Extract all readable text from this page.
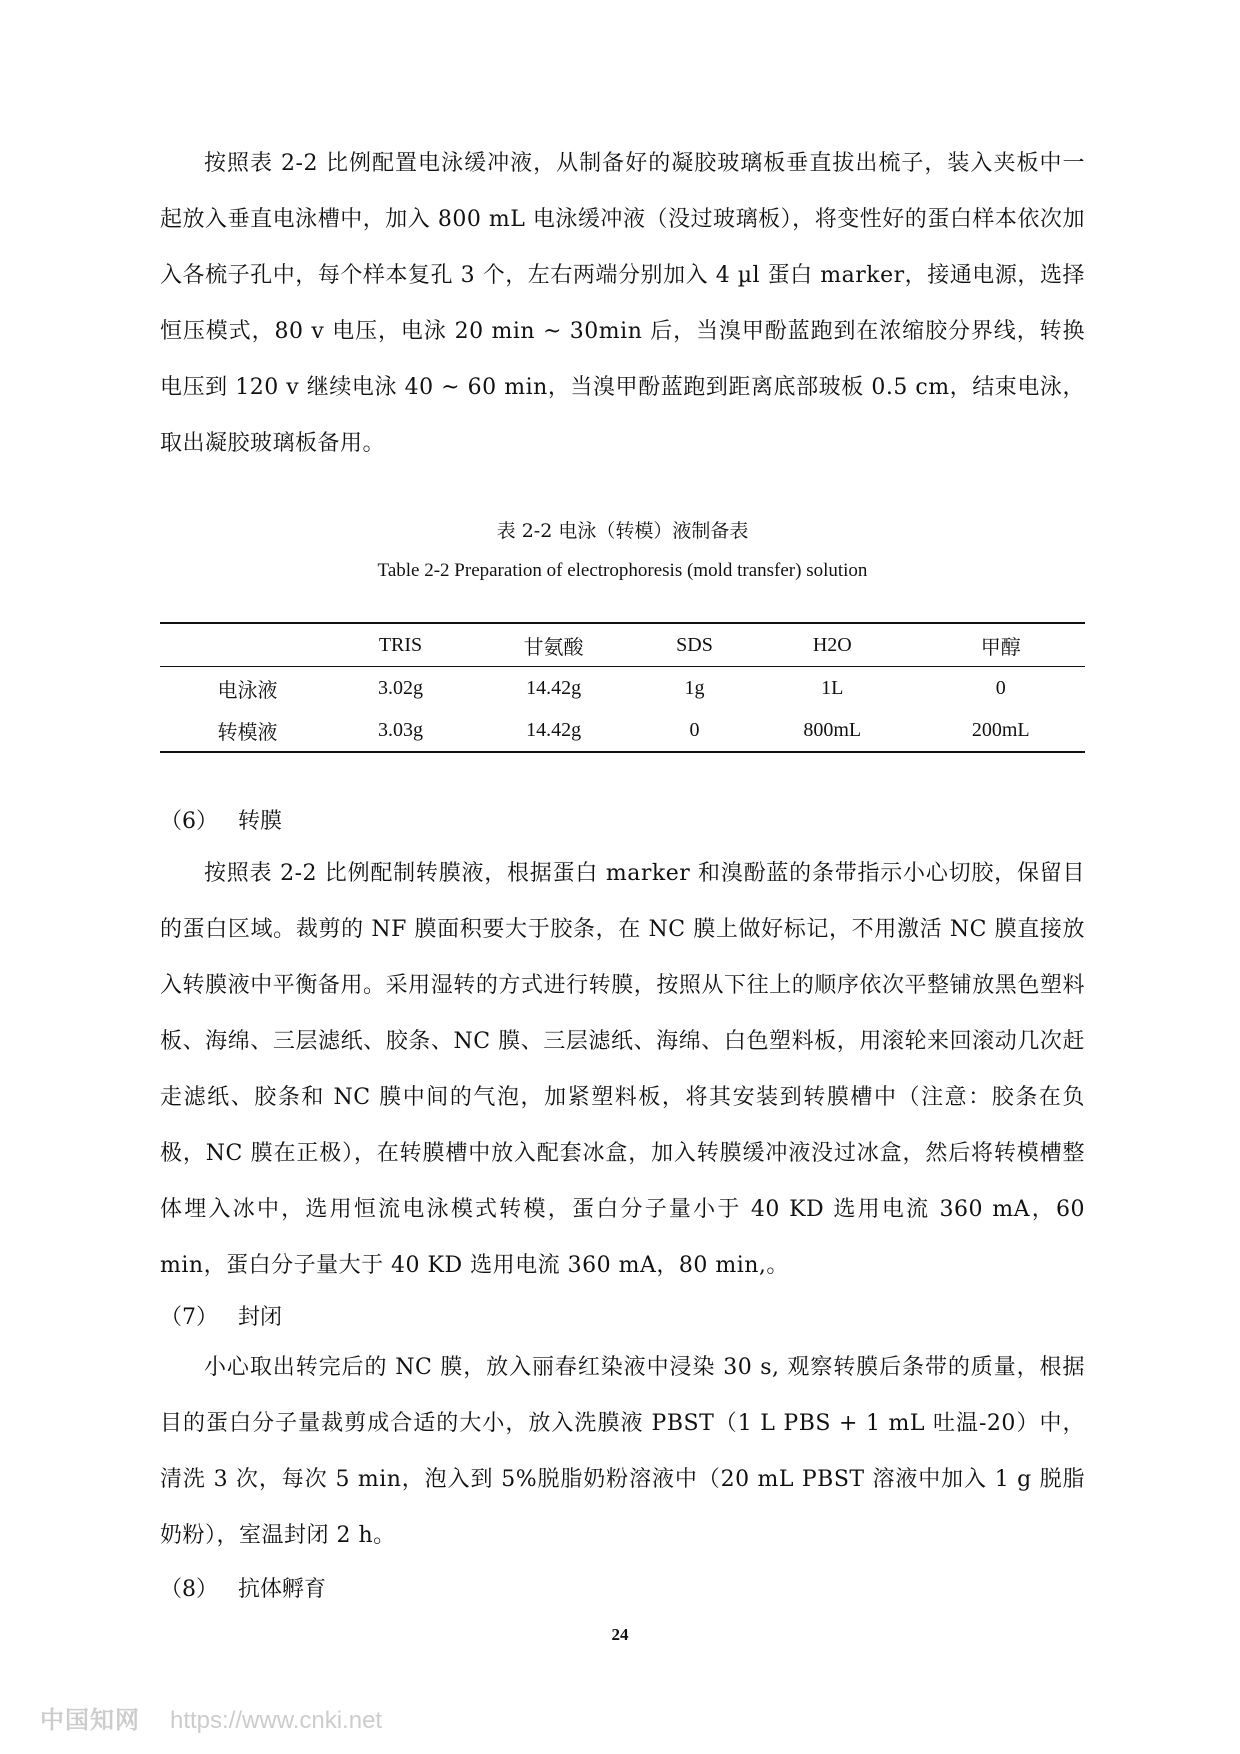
按照表 2-2 比例配置电泳缓冲液，从制备好的凝胶玻璃板垂直拔出梳子，装入夹板中一起放入垂直电泳槽中，加入 800 mL 电泳缓冲液（没过玻璃板），将变性好的蛋白样本依次加入各梳子孔中，每个样本复孔 3 个，左右两端分别加入 4 µl 蛋白 marker，接通电源，选择恒压模式，80 v 电压，电泳 20 min ~ 30min 后，当溴甲酚蓝跑到在浓缩胶分界线，转换电压到 120 v 继续电泳 40 ~ 60 min，当溴甲酚蓝跑到距离底部玻板 0.5 cm，结束电泳，取出凝胶玻璃板备用。

表 2-2 电泳（转模）液制备表

Table 2-2 Preparation of electrophoresis (mold transfer) solution

	TRIS	甘氨酸	SDS	H2O	甲醇
电泳液	3.02g	14.42g	1g	1L	0
转模液	3.03g	14.42g	0	800mL	200mL
（6） 转膜

按照表 2-2 比例配制转膜液，根据蛋白 marker 和溴酚蓝的条带指示小心切胶，保留目的蛋白区域。裁剪的 NF 膜面积要大于胶条，在 NC 膜上做好标记，不用激活 NC 膜直接放入转膜液中平衡备用。采用湿转的方式进行转膜，按照从下往上的顺序依次平整铺放黑色塑料板、海绵、三层滤纸、胶条、NC 膜、三层滤纸、海绵、白色塑料板，用滚轮来回滚动几次赶走滤纸、胶条和 NC 膜中间的气泡，加紧塑料板，将其安装到转膜槽中（注意：胶条在负极，NC 膜在正极），在转膜槽中放入配套冰盒，加入转膜缓冲液没过冰盒，然后将转模槽整体埋入冰中，选用恒流电泳模式转模，蛋白分子量小于 40 KD 选用电流 360 mA，60 min，蛋白分子量大于 40 KD 选用电流 360 mA，80 min,。

（7） 封闭

小心取出转完后的 NC 膜，放入丽春红染液中浸染 30 s, 观察转膜后条带的质量，根据目的蛋白分子量裁剪成合适的大小，放入洗膜液 PBST（1 L PBS + 1 mL 吐温-20）中，清洗 3 次，每次 5 min，泡入到 5%脱脂奶粉溶液中（20 mL PBST 溶液中加入 1 g 脱脂奶粉），室温封闭 2 h。

（8） 抗体孵育
24
中国知网 https://www.cnki.net
